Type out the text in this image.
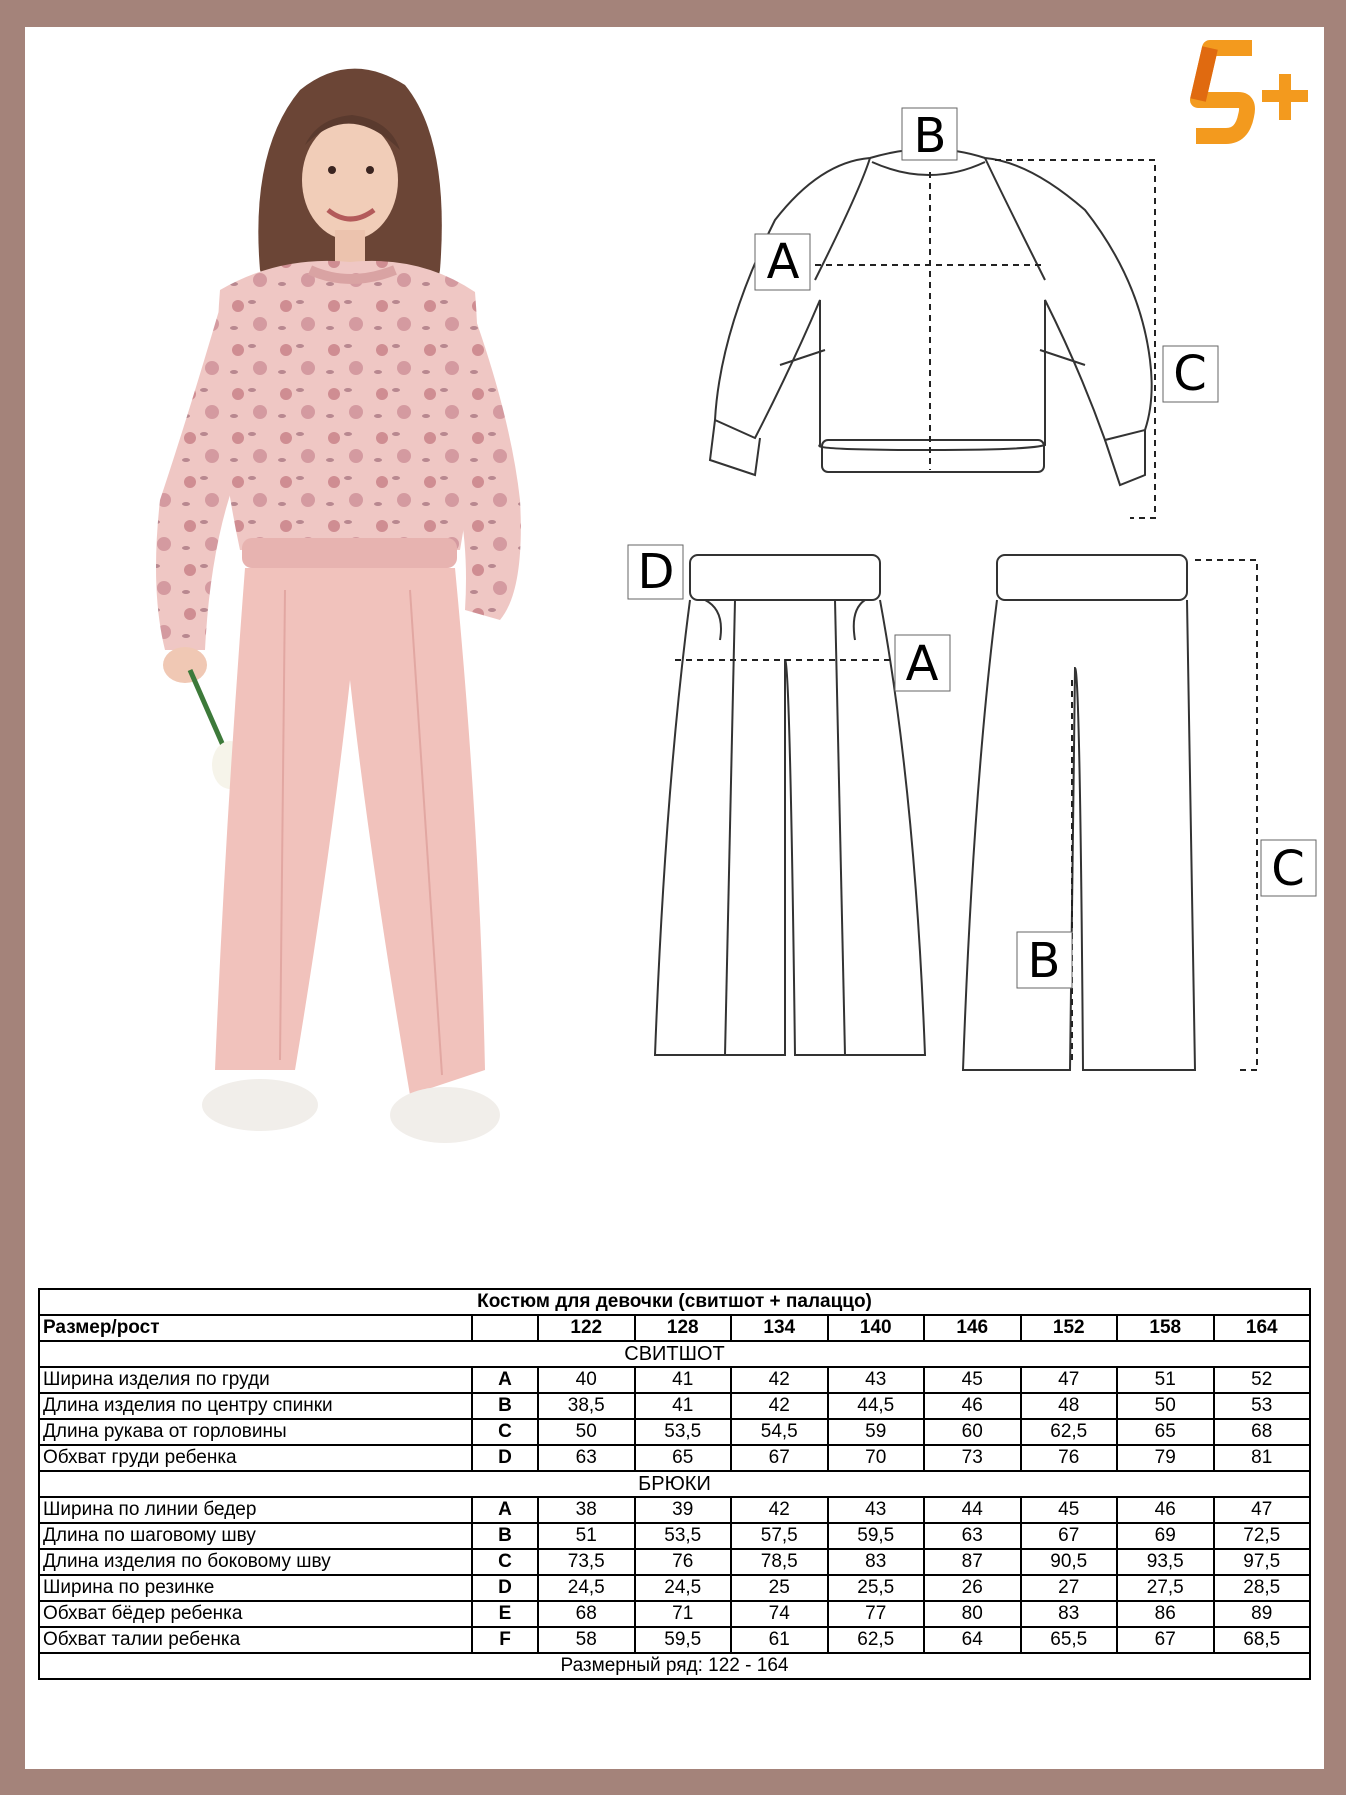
B
A
C
D
A
C
B
Костюм для девочки (свитшот + палаццо)									
Размер/рост		122	128	134	140	146	152	158	164
СВИТШОТ									
Ширина изделия по груди	A	40	41	42	43	45	47	51	52
Длина изделия по центру спинки	B	38,5	41	42	44,5	46	48	50	53
Длина рукава от горловины	C	50	53,5	54,5	59	60	62,5	65	68
Обхват груди ребенка	D	63	65	67	70	73	76	79	81
БРЮКИ									
Ширина по линии бедер	A	38	39	42	43	44	45	46	47
Длина по шаговому шву	B	51	53,5	57,5	59,5	63	67	69	72,5
Длина изделия по боковому шву	C	73,5	76	78,5	83	87	90,5	93,5	97,5
Ширина по резинке	D	24,5	24,5	25	25,5	26	27	27,5	28,5
Обхват бёдер ребенка	E	68	71	74	77	80	83	86	89
Обхват талии ребенка	F	58	59,5	61	62,5	64	65,5	67	68,5
Размерный ряд: 122 - 164									
